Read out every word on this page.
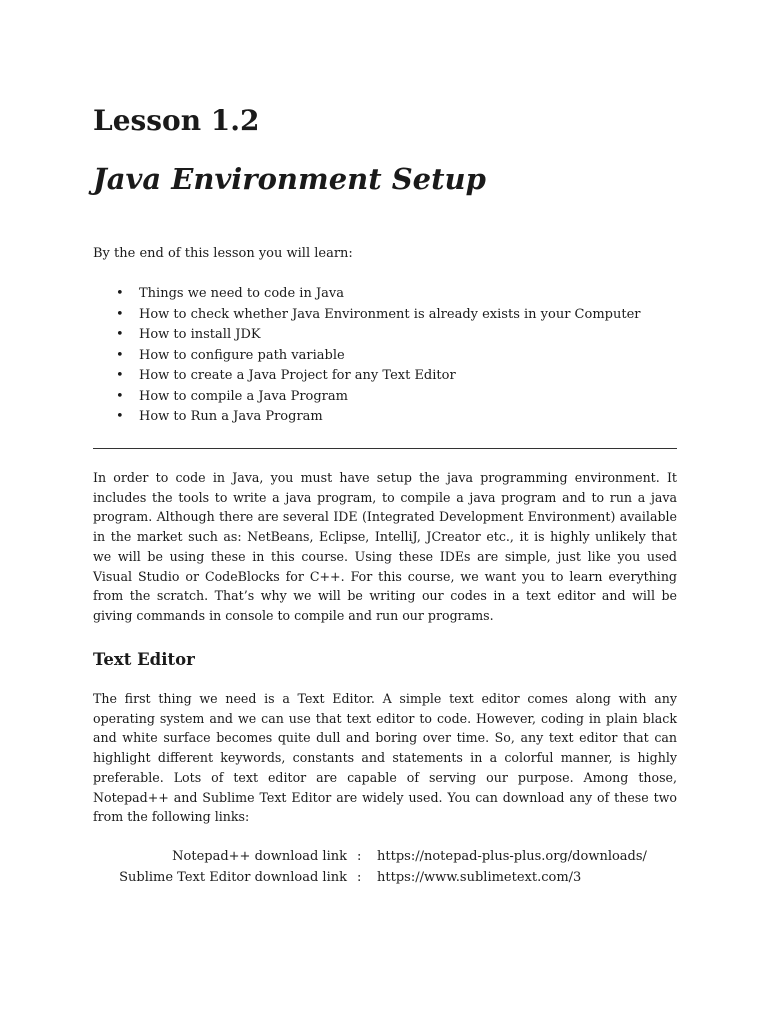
Lesson 1.2
Java Environment Setup
By the end of this lesson you will learn:
• Things we need to code in Java
• How to check whether Java Environment is already exists in your Computer
• How to install JDK
• How to configure path variable
• How to create a Java Project for any Text Editor
• How to compile a Java Program
• How to Run a Java Program

In order to code in Java, you must have setup the java programming environment. It includes the tools to write a java program, to compile a java program and to run a java program. Although there are several IDE (Integrated Development Environment) available in the market such as: NetBeans, Eclipse, IntelliJ, JCreator etc., it is highly unlikely that we will be using these in this course. Using these IDEs are simple, just like you used Visual Studio or CodeBlocks for C++. For this course, we want you to learn everything from the scratch. That’s why we will be writing our codes in a text editor and will be giving commands in console to compile and run our programs.

Text Editor

The first thing we need is a Text Editor. A simple text editor comes along with any operating system and we can use that text editor to code. However, coding in plain black and white surface becomes quite dull and boring over time. So, any text editor that can highlight different keywords, constants and statements in a colorful manner, is highly preferable. Lots of text editor are capable of serving our purpose. Among those, Notepad++ and Sublime Text Editor are widely used. You can download any of these two from the following links:

Notepad++ download link : https://notepad-plus-plus.org/downloads/
Sublime Text Editor download link : https://www.sublimetext.com/3
